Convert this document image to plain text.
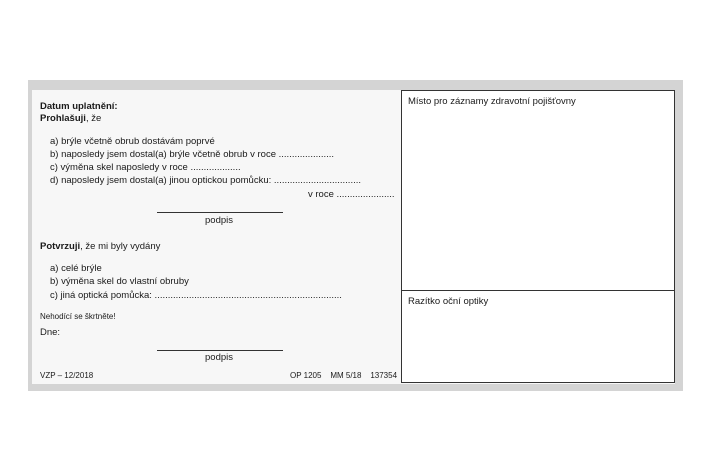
Datum uplatnění:
Prohlašuji, že
a) brýle včetně obrub dostávám poprvé
b) naposledy jsem dostal(a) brýle včetně obrub v roce .....................
c) výměna skel naposledy v roce ...................
d) naposledy jsem dostal(a) jinou optickou pomůcku: .................................
v roce ......................
podpis
Potvrzuji, že mi byly vydány
a) celé brýle
b) výměna skel do vlastní obruby
c) jiná optická pomůcka: .......................................................................
Nehodící se škrtněte!
Dne:
podpis
VZP – 12/2018	OP 1205    MM 5/18    137354
Místo pro záznamy zdravotní pojišťovny
Razítko oční optiky
